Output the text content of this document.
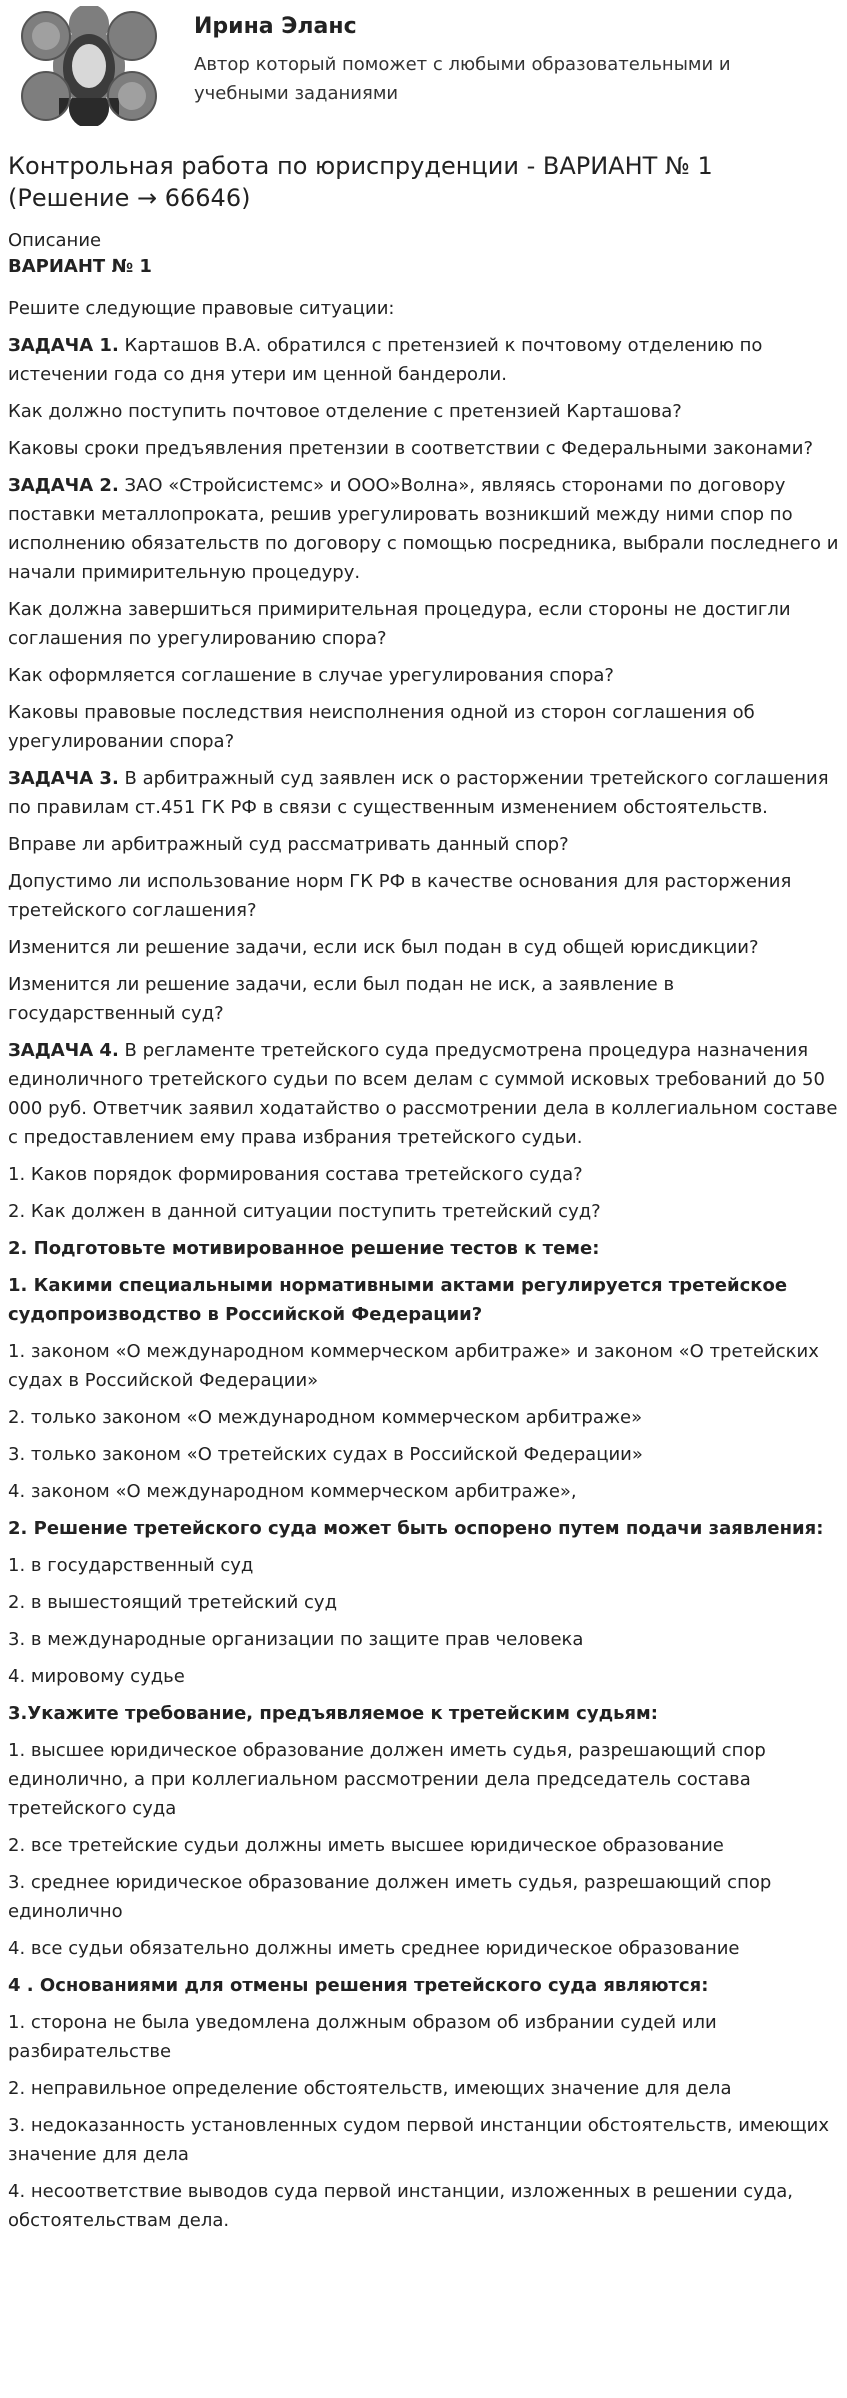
Ирина Эланс
Автор который поможет с любыми образовательными и учебными заданиями
Контрольная работа по юриспруденции - ВАРИАНТ № 1
(Решение → 66646)
Описание
ВАРИАНТ № 1

Решите следующие правовые ситуации:

ЗАДАЧА 1. Карташов В.А. обратился с претензией к почтовому отделению по истечении года со дня утери им ценной бандероли.

Как должно поступить почтовое отделение с претензией Карташова?

Каковы сроки предъявления претензии в соответствии с Федеральными законами?

ЗАДАЧА 2. ЗАО «Стройсистемс» и ООО»Волна», являясь сторонами по договору поставки металлопроката, решив урегулировать возникший между ними спор по исполнению обязательств по договору с помощью посредника, выбрали последнего и начали примирительную процедуру.

Как должна завершиться примирительная процедура, если стороны не достигли соглашения по урегулированию спора?

Как оформляется соглашение в случае урегулирования спора?

Каковы правовые последствия неисполнения одной из сторон соглашения об урегулировании спора?

ЗАДАЧА 3. В арбитражный суд заявлен иск о расторжении третейского соглашения по правилам ст.451 ГК РФ в связи с существенным изменением обстоятельств.

Вправе ли арбитражный суд рассматривать данный спор?

Допустимо ли использование норм ГК РФ в качестве основания для расторжения третейского соглашения?

Изменится ли решение задачи, если иск был подан в суд общей юрисдикции?

Изменится ли решение задачи, если был подан не иск, а заявление в государственный суд?

ЗАДАЧА 4. В регламенте третейского суда предусмотрена процедура назначения единоличного третейского судьи по всем делам с суммой исковых требований до 50 000 руб. Ответчик заявил ходатайство о рассмотрении дела в коллегиальном составе с предоставлением ему права избрания третейского судьи.

1. Каков порядок формирования состава третейского суда?

2. Как должен в данной ситуации поступить третейский суд?

2. Подготовьте мотивированное решение тестов к теме:

1. Какими специальными нормативными актами регулируется третейское судопроизводство в Российской Федерации?

1. законом «О международном коммерческом арбитраже» и законом «О третейских судах в Российской Федерации»

2. только законом «О международном коммерческом арбитраже»

3. только законом «О третейских судах в Российской Федерации»

4. законом «О международном коммерческом арбитраже»,

2. Решение третейского суда может быть оспорено путем подачи заявления:

1. в государственный суд

2. в вышестоящий третейский суд

3. в международные организации по защите прав человека

4. мировому судье

3.Укажите требование, предъявляемое к третейским судьям:

1. высшее юридическое образование должен иметь судья, разрешающий спор единолично, а при коллегиальном рассмотрении дела председатель состава третейского суда

2. все третейские судьи должны иметь высшее юридическое образование

3. среднее юридическое образование должен иметь судья, разрешающий спор единолично

4. все судьи обязательно должны иметь среднее юридическое образование

4 . Основаниями для отмены решения третейского суда являются:

1. сторона не была уведомлена должным образом об избрании судей или разбирательстве

2. неправильное определение обстоятельств, имеющих значение для дела

3. недоказанность установленных судом первой инстанции обстоятельств, имеющих значение для дела

4. несоответствие выводов суда первой инстанции, изложенных в решении суда, обстоятельствам дела.
